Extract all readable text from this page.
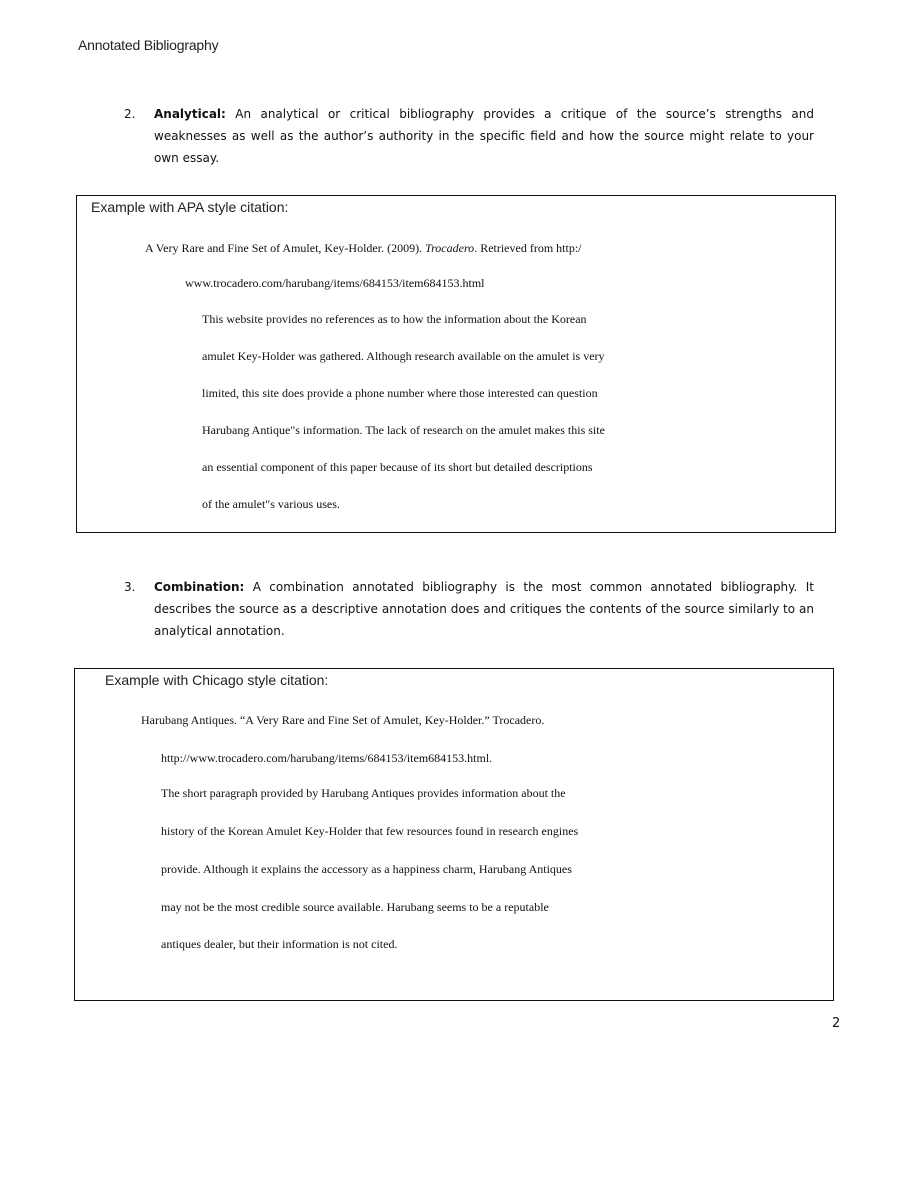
Annotated Bibliography
2. Analytical: An analytical or critical bibliography provides a critique of the source’s strengths and weaknesses as well as the author’s authority in the specific field and how the source might relate to your own essay.
Example with APA style citation:
A Very Rare and Fine Set of Amulet, Key-Holder. (2009). Trocadero. Retrieved from http:/
www.trocadero.com/harubang/items/684153/item684153.html
This website provides no references as to how the information about the Korean
amulet Key-Holder was gathered. Although research available on the amulet is very
limited, this site does provide a phone number where those interested can question
Harubang Antique"s information. The lack of research on the amulet makes this site
an essential component of this paper because of its short but detailed descriptions
of the amulet"s various uses.
3. Combination: A combination annotated bibliography is the most common annotated bibliography. It describes the source as a descriptive annotation does and critiques the contents of the source similarly to an analytical annotation.
Example with Chicago style citation:
Harubang Antiques. “A Very Rare and Fine Set of Amulet, Key-Holder.” Trocadero.
http://www.trocadero.com/harubang/items/684153/item684153.html.
The short paragraph provided by Harubang Antiques provides information about the
history of the Korean Amulet Key-Holder that few resources found in research engines
provide. Although it explains the accessory as a happiness charm, Harubang Antiques
may not be the most credible source available. Harubang seems to be a reputable
antiques dealer, but their information is not cited.
2
